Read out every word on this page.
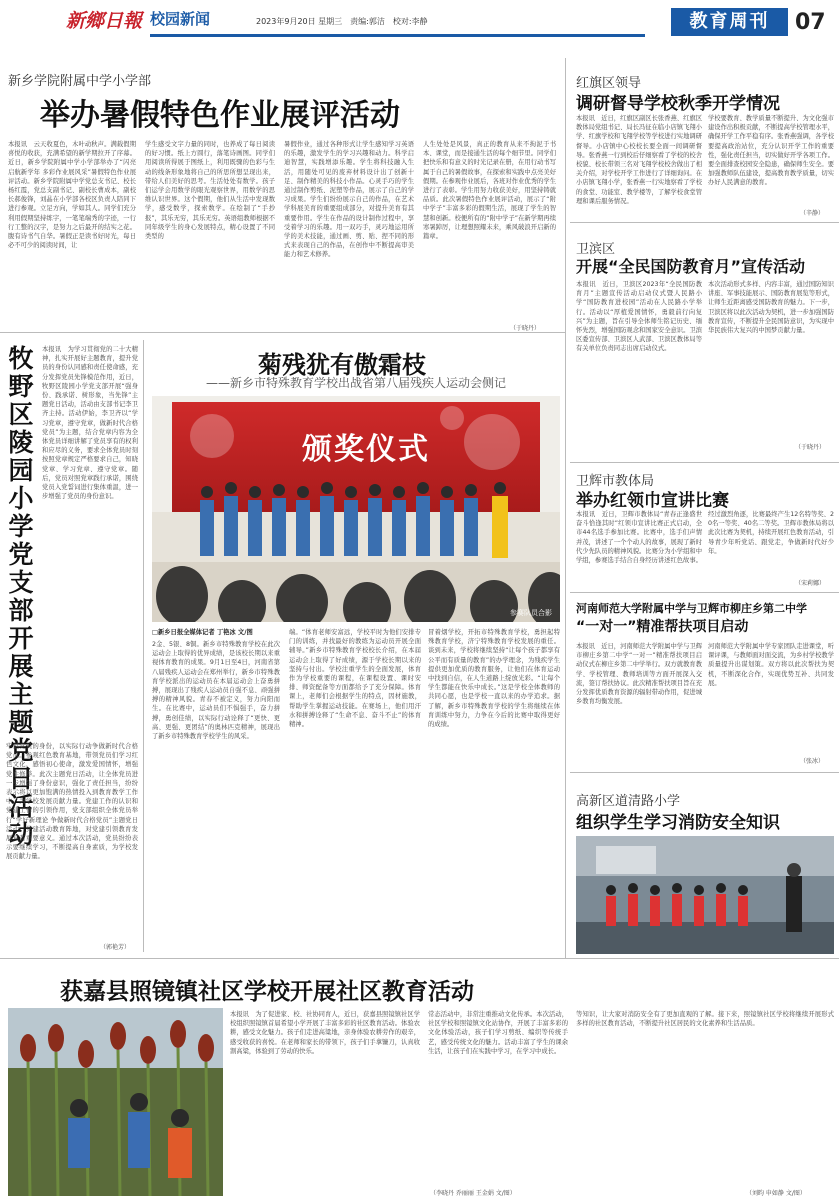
新鄉日報 校园新闻	2023年9月20日 星期三　责编:郭洁　校对:李静	教育周刊	07
新乡学院附属中学小学部
举办暑假特色作业展评活动
本报讯　云天收夏色，木叶动秋声。满载假期喜悦的收获，充满希望的新学期拉开了序幕。近日，新乡学院附属中学小学部举办了“闪亮启航新学年 多彩作业展风采”暑假特色作业展评活动。新乡学院附属中学党总支书记、校长杨红霞，党总支副书记、副校长曹成本，副校长郝俊锋，刘晶在小学部各校区负责人陪同下进行参观。立足方向，学如其人。同学们充分利用假期坚持练字，一笔笔端秀的字迹，一行行工整的汉字，是努力之后最开的结实之花。腹有诗书气自华。暑假正是读书好时光，每日必不可少的阅读时间，让
学生感受文字力量的同时，也养成了每日阅读的好习惯。纸上方圆行，落笔诗画图。同学们用阅读所得展于图纸上，利用既骤的色彩与生动的线条形象地将自己的所思所想呈现出来，带给人们美好的思考。生活处处有数学。孩子们运学会用数学的眼光观察世界，用数学的思维认识世界。这个假期，他们从生活中发现数学，感受数学，探索数学。在绘制了“手抄报”，其乐无穷，其乐无穷。英语组教师根据不同年级学生的身心发展特点，精心设置了不同类型的
暑假作业，通过各种形式让学生感知学习英语的乐趣，激发学生的学习兴趣和动力。科学启迪智慧，实践增添乐趣。学生将科技融入生活，用随处可见的废弃材料设计出了创新十足、制作精美的科技小作品。心灵手巧的学生通过制作剪纸、泥塑等作品，展示了自己的学习成果。学生们纷纷展示自己的作品，在艺术学科展美育的重要组成部分，对提升美育有其重要作用。学生在作品的设计制作过程中，享受着学习的乐趣。用一双巧手，灵巧地运用所学的美术技能，通过画、剪、贴、捏不同的形式来表现自己的作品，在创作中不断提高审美能力和艺术修养。
人生处处是风景，真正的教育从来不拘泥于书本、课堂，而是接通生活的每个细节里。同学们把快乐和有意义的时光记录在册，在用行动书写属于自己的暑假故事，在探索和实践中点亮美好假期。在参观作业展后，各班对作业优秀的学生进行了表彰。学生用努力收获美好，用坚持铸就品质。此次暑假特色作业展评活动，展示了“附中学子”丰富多彩的假期生活，展现了学生的智慧和创新。校便所有的“附中学子”在新学期再续寒暑踔厉，让理想照耀未来，乘风破浪开启新的篇章。
（于晓丹）
牧野区陵园小学党支部开展主题党日活动
本报讯　为学习贯彻党的二十大精神，扎实开展好主题教育，提升党员的身份认同感和责任使命感，充分发挥党员先锋模范作用，近日，牧野区陵园小学党支部开展“强身份、践承诺、树形象，当先锋”主题党日活动，活动由支部书记李卫齐主持。活动伊始，李卫齐以“学习党章，遵守党章，做新时代合格党员”为主题，结合党章内容为全体党员详细讲解了党员享有的权利和应尽的义务，要求全体党员时刻按照党章规定严格要求自己，知晓党章、学习党章、遵守党章。随后，党员对照党章践行承诺，围绕党员入党誓词进行集体重温，进一步增强了党员的身份意识。
牢记党员的身份，以实际行动争做新时代合格党员。参观红色教育基地，带领党员们学习红色文化，感悟初心使命，激发爱国情怀，增强党性修养。此次主题党日活动，让全体党员进一步增强了身份意识，强化了责任担当，纷纷表示将以更加饱满的热情投入到教育教学工作中，为学校发展贡献力量。党建工作的认识和党建工作的引领作用，党支部组织全体党员举行“学好新理论 争做新时代合格党员”主题党日活动。党建活动教育阵地，对党建引领教育发展具有重要意义。通过本次活动，党员纷纷表示要继续学习，不断提高自身素质，为学校发展贡献力量。
（郭艳芳）
菊残犹有傲霜枝
——新乡市特殊教育学校出战省第八届残疾人运动会侧记
颁奖仪式
参赛队员合影
□新乡日报全媒体记者 丁艳冰 文/图
2金、5银、8铜。新乡市特殊教育学校在此次运动会上取得的优异成绩，是该校长期以来重视体育教育的成果。9月1日至4日，河南省第八届残疾人运动会在郑州举行，新乡市特殊教育学校派出的运动员在本届运动会上奋勇拼搏，展现出了残疾人运动员自强不息、顽强拼搏的精神风貌。青春不被定义，努力向阳而生。在比赛中，运动员们不惧强手，奋力拼搏，勇创佳绩，以实际行动诠释了“更快、更高、更强、更团结”的奥林匹克精神，展现出了新乡市特殊教育学校学生的风采。
端。“体育老师安富远，学校平时为他们安排专门的训练，并找最好的教练为运动员开展全面辅导。”新乡市特殊教育学校校长介绍，在本届运动会上取得了好成绩，源于学校长期以来的坚持与付出。学校注重学生的全面发展，体育作为学校重要的课程，在课程设置、课时安排、师资配备等方面都给予了充分保障。体育课上，老师们会根据学生的特点，因材施教，帮助学生掌握运动技能。在赛场上，他们用汗水和拼搏诠释了“生命不息、奋斗不止”的体育精神。
冒着烟学校，开拓市特殊教育学校，勇担起特殊教育学校，济宁特殊教育学校发展的重任。谈到未来，学校将继续坚持“让每个孩子都享有公平而有质量的教育”的办学理念，为残疾学生提供更加优质的教育服务，让他们在体育运动中找到自信，在人生道路上绽放光彩。“让每个学生都能在快乐中成长。”这是学校全体教师的共同心愿，也是学校一直以来的办学追求。据了解，新乡市特殊教育学校的学生将继续在体育训练中努力，力争在今后的比赛中取得更好的成绩。
红旗区领导
调研督导学校秋季开学情况
本报讯　近日，红旗区副区长张香燕、红旗区教体局党组书记、局长冯征在临小店镇飞翔小学、红旗学校和飞翔学校等学校进行实地调研督导。小店镇中心校校长要全面一间调研督导。张香燕一行到校后仔细察看了学校的校舍校貌、校长带领三名对飞翔学校校舍做出了相关介绍，对学校开学工作进行了详细询问。在小店镇飞翔小学，张香燕一行实地察看了学校的食堂、功能室、教学楼等，了解学校食堂管理和课后服务情况。
学校要教育、教学质量不断提升、为文化强市建设作出积极贡献，不断提高学校管理水平，确保开学工作平稳有序。张香燕强调，各学校要提高政治站位，充分认识开学工作的重要性，强化责任担当，切实做好开学各项工作。要全面排查校园安全隐患，确保师生安全。要加强教师队伍建设，提高教育教学质量，切实办好人民满意的教育。
（辛静）
卫滨区
开展“全民国防教育月”宣传活动
本报讯　近日，卫滨区2023年“全民国防教育月”主题宣传活动启动仪式暨人民路小学“国防教育进校园”活动在人民路小学举行。活动以“厚植爱国情怀，勇毅前行向复兴”为主题，旨在引导全体师生铭记历史、缅怀先烈，增强国防观念和国家安全意识。卫滨区委宣传部、卫滨区人武部、卫滨区教体局等有关单位负责同志出席启动仪式。
本次活动形式多样、内容丰富，通过国防知识讲座、军事技能展示、国防教育展览等形式，让师生近距离感受国防教育的魅力。下一步，卫滨区将以此次活动为契机，进一步加强国防教育宣传，不断提升全民国防意识，为实现中华民族伟大复兴的中国梦贡献力量。
（于晓丹）
卫辉市教体局
举办红领巾宣讲比赛
本报讯　近日，卫辉市教体局“青春正逢盛世 奋斗恰逢其时”红领巾宣讲比赛正式启动，全市44名选手参加比赛。比赛中，选手们声情并茂，讲述了一个个动人的故事，展现了新时代少先队员的精神风貌。比赛分为小学组和中学组，参赛选手结合自身经历讲述红色故事。
经过激烈角逐，比赛最终产生12名特等奖、20名一等奖、40名二等奖。卫辉市教体局将以此次比赛为契机，持续开展红色教育活动，引导青少年听党话、跟党走，争做新时代好少年。
（宋莉娜）
河南师范大学附属中学与卫辉市柳庄乡第二中学
“一对一”精准帮扶项目启动
本报讯　近日，河南师范大学附属中学与卫辉市柳庄乡第二中学“一对一”精准帮扶项目启动仪式在柳庄乡第二中学举行。双方就教育教学、学校管理、教师培训等方面开展深入交流，签订帮扶协议。此次精准帮扶项目旨在充分发挥优质教育资源的辐射带动作用，促进城乡教育均衡发展。
河南师范大学附属中学专家团队走进课堂，听课评课，与教师面对面交流，为乡村学校教学质量提升出谋划策。双方将以此次帮扶为契机，不断深化合作，实现优势互补、共同发展。
（张冰）
高新区道清路小学
组织学生学习消防安全知识
获嘉县照镜镇社区学校开展社区教育活动
本报讯　为了促进家、校、社协同育人，近日，获嘉县照镜镇社区学校组织照镜镇首届希望小学开展了丰富多彩的社区教育活动。体验农耕，感受文化魅力。孩子们走进高粱地，亲身体验农耕劳作的艰辛，感受收获的喜悦。在老师和家长的带领下，孩子们手拿镰刀，认真收割高粱，体验到了劳动的快乐。
常态活动中，非常注重推动文化传承。本次活动，社区学校和照镜镇文化站协作，开展了丰富多彩的文化体验活动，孩子们学习剪纸、编织等传统手艺，感受传统文化的魅力。活动丰富了学生的课余生活，让孩子们在实践中学习，在学习中成长。
等知识，让大家对消防安全有了更加直观的了解。接下来，照镜镇社区学校将继续开展形式多样的社区教育活动，不断提升社区居民的文化素养和生活品质。
（李晓丹 乔丽丽 王金娟 文/图）	（刘昀 申如静 文/图）
